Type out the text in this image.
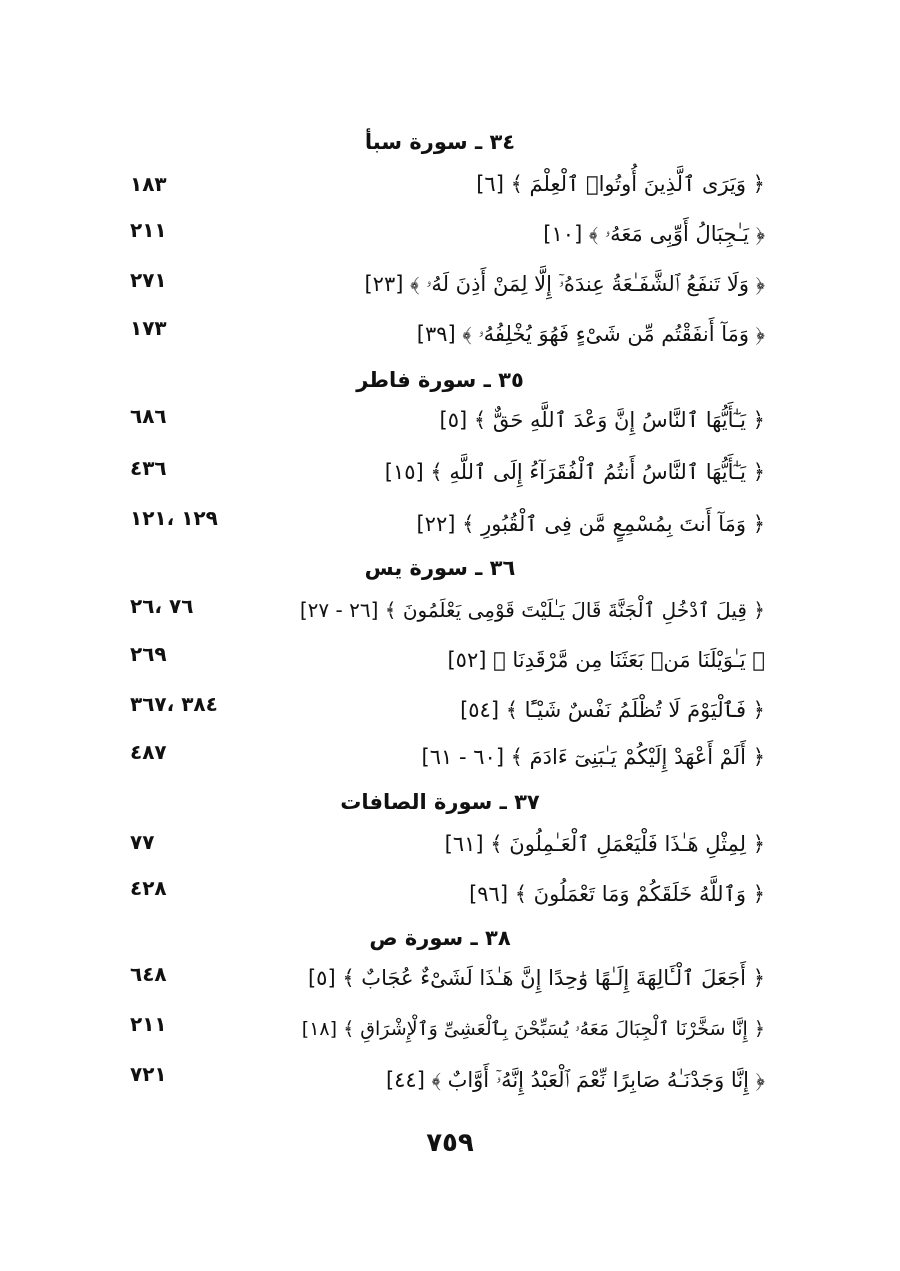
٣٤ ـ سورة سبأ
﴿ وَيَرَى ٱلَّذِينَ أُوتُوا۟ ٱلْعِلْمَ ﴾ [٦]
١٨٣
﴿ يَـٰجِبَالُ أَوِّبِى مَعَهُۥ ﴾ [١٠]
٢١١
﴿ وَلَا تَنفَعُ ٱلشَّفَـٰعَةُ عِندَهُۥٓ إِلَّا لِمَنْ أَذِنَ لَهُۥ ﴾ [٢٣]
٢٧١
﴿ وَمَآ أَنفَقْتُم مِّن شَىْءٍ فَهُوَ يُخْلِفُهُۥ ﴾ [٣٩]
١٧٣
٣٥ ـ سورة فاطر
﴿ يَـٰٓأَيُّهَا ٱلنَّاسُ إِنَّ وَعْدَ ٱللَّهِ حَقٌّ ﴾ [٥]
٦٨٦
﴿ يَـٰٓأَيُّهَا ٱلنَّاسُ أَنتُمُ ٱلْفُقَرَآءُ إِلَى ٱللَّهِ ﴾ [١٥]
٤٣٦
﴿ وَمَآ أَنتَ بِمُسْمِعٍ مَّن فِى ٱلْقُبُورِ ﴾ [٢٢]
١٢٩ ،١٢١
٣٦ ـ سورة يس
﴿ قِيلَ ٱدْخُلِ ٱلْجَنَّةَ قَالَ يَـٰلَيْتَ قَوْمِى يَعْلَمُونَ ﴾ [٢٦ - ٢٧]
٧٦ ،٢٦
﴿ يَـٰوَيْلَنَا مَنۢ بَعَثَنَا مِن مَّرْقَدِنَا ﴾ [٥٢]
٢٦٩
﴿ فَٱلْيَوْمَ لَا تُظْلَمُ نَفْسٌ شَيْـًٔا ﴾ [٥٤]
٣٨٤ ،٣٦٧
﴿ أَلَمْ أَعْهَدْ إِلَيْكُمْ يَـٰبَنِىٓ ءَادَمَ ﴾ [٦٠ - ٦١]
٤٨٧
٣٧ ـ سورة الصافات
﴿ لِمِثْلِ هَـٰذَا فَلْيَعْمَلِ ٱلْعَـٰمِلُونَ ﴾ [٦١]
٧٧
﴿ وَٱللَّهُ خَلَقَكُمْ وَمَا تَعْمَلُونَ ﴾ [٩٦]
٤٢٨
٣٨ ـ سورة ص
﴿ أَجَعَلَ ٱلْـَٔالِهَةَ إِلَـٰهًا وَٰحِدًا إِنَّ هَـٰذَا لَشَىْءٌ عُجَابٌ ﴾ [٥]
٦٤٨
﴿ إِنَّا سَخَّرْنَا ٱلْجِبَالَ مَعَهُۥ يُسَبِّحْنَ بِٱلْعَشِىِّ وَٱلْإِشْرَاقِ ﴾ [١٨]
٢١١
﴿ إِنَّا وَجَدْنَـٰهُ صَابِرًا نِّعْمَ ٱلْعَبْدُ إِنَّهُۥٓ أَوَّابٌ ﴾ [٤٤]
٧٢١
٧٥٩
